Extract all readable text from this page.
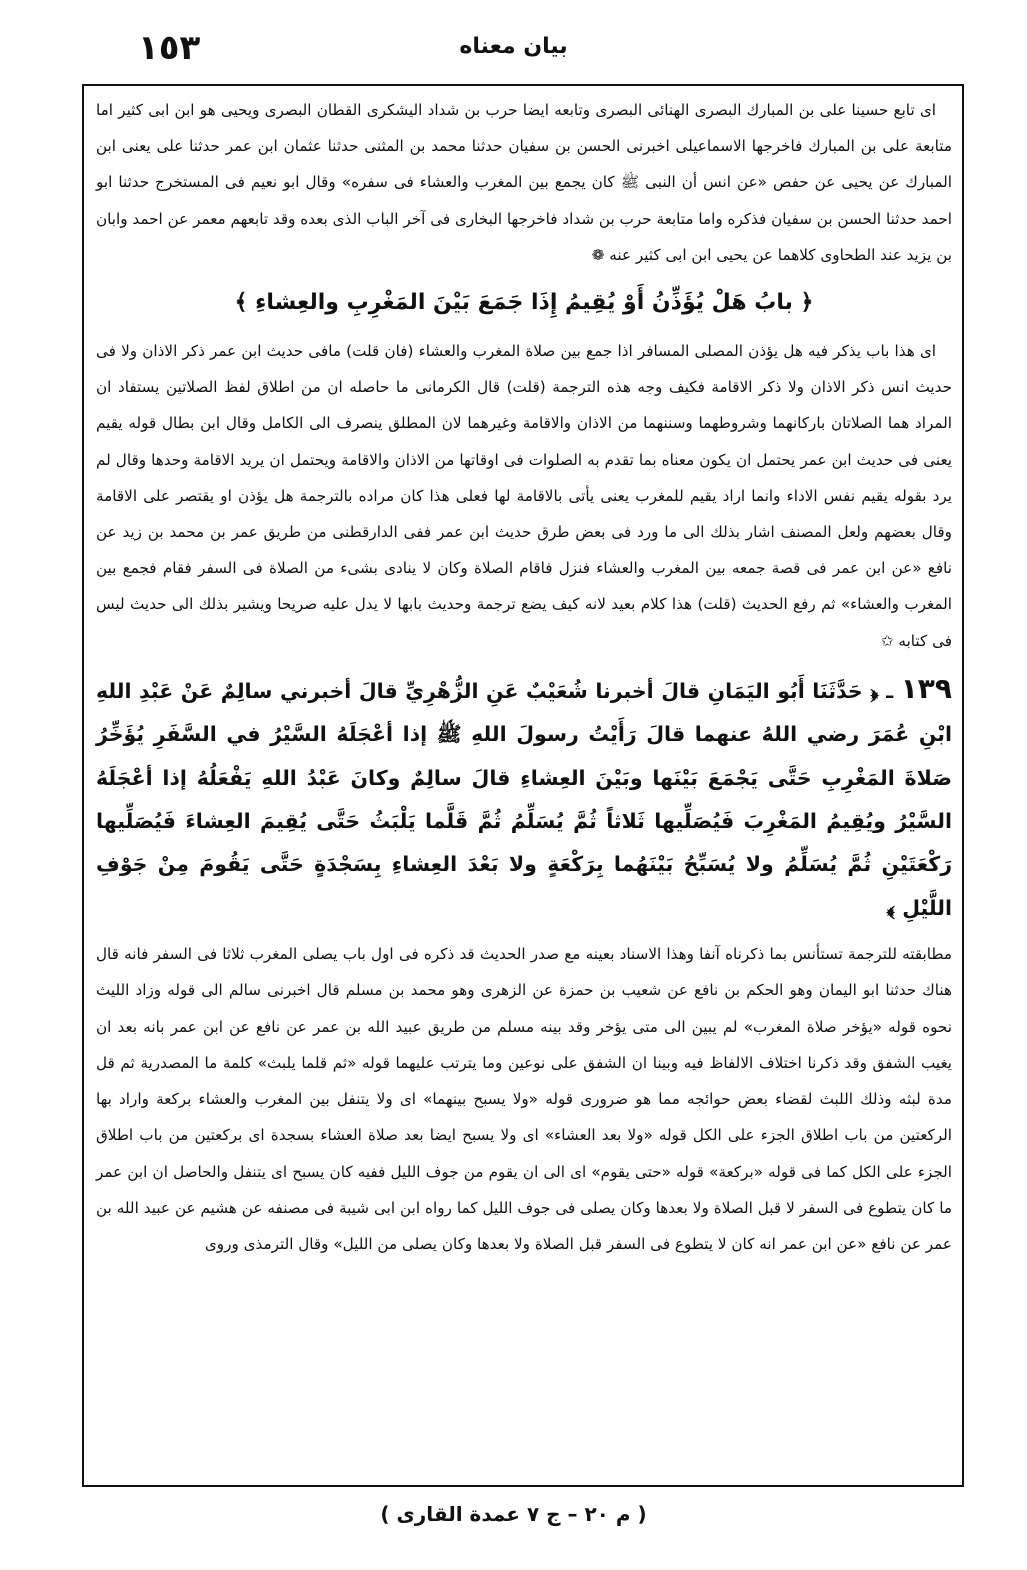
١٥٣	بيان معناه

اى تابع حسينا على بن المبارك البصرى الهنائى البصرى وتابعه ايضا حرب بن شداد اليشكرى القطان البصرى ويحيى هو ابن ابى كثير اما متابعة على بن المبارك فاخرجها الاسماعيلى اخبرنى الحسن بن سفيان حدثنا محمد بن المثنى حدثنا عثمان ابن عمر حدثنا على يعنى ابن المبارك عن يحيى عن حفص «عن انس أن النبى ﷺ كان يجمع بين المغرب والعشاء فى سفره» وقال ابو نعيم فى المستخرج حدثنا ابو احمد حدثنا الحسن بن سفيان فذكره واما متابعة حرب بن شداد فاخرجها البخارى فى آخر الباب الذى بعده وقد تابعهم معمر عن احمد وابان بن يزيد عند الطحاوى كلاهما عن يحيى ابن ابى كثير عنه ❁

﴿ بابُ هَلْ يُؤَذِّنُ أَوْ يُقِيمُ إِذَا جَمَعَ بَيْنَ المَغْرِبِ والعِشاءِ ﴾

اى هذا باب يذكر فيه هل يؤذن المصلى المسافر اذا جمع بين صلاة المغرب والعشاء (فان قلت) مافى حديث ابن عمر ذكر الاذان ولا فى حديث انس ذكر الاذان ولا ذكر الاقامة فكيف وجه هذه الترجمة (قلت) قال الكرمانى ما حاصله ان من اطلاق لفظ الصلاتين يستفاد ان المراد هما الصلاتان باركانهما وشروطهما وسننهما من الاذان والاقامة وغيرهما لان المطلق ينصرف الى الكامل وقال ابن بطال قوله يقيم يعنى فى حديث ابن عمر يحتمل ان يكون معناه بما تقدم به الصلوات فى اوقاتها من الاذان والاقامة ويحتمل ان يريد الاقامة وحدها وقال لم يرد بقوله يقيم نفس الاداء وانما اراد يقيم للمغرب يعنى يأتى بالاقامة لها فعلى هذا كان مراده بالترجمة هل يؤذن او يقتصر على الاقامة وقال بعضهم ولعل المصنف اشار بذلك الى ما ورد فى بعض طرق حديث ابن عمر ففى الدارقطنى من طريق عمر بن محمد بن زيد عن نافع «عن ابن عمر فى قصة جمعه بين المغرب والعشاء فنزل فاقام الصلاة وكان لا ينادى بشىء من الصلاة فى السفر فقام فجمع بين المغرب والعشاء» ثم رفع الحديث (قلت) هذا كلام بعيد لانه كيف يضع ترجمة وحديث بابها لا يدل عليه صريحا ويشير بذلك الى حديث ليس فى كتابه ✩

١٣٩ ـ ﴿ حَدَّثَنَا أَبُو اليَمَانِ قالَ أخبرنا شُعَيْبٌ عَنِ الزُّهْرِيِّ قالَ أخبرني سالِمٌ عَنْ عَبْدِ اللهِ ابْنِ عُمَرَ رضي اللهُ عنهما قالَ رَأَيْتُ رسولَ اللهِ ﷺ إذا أعْجَلَهُ السَّيْرُ في السَّفَرِ يُؤَخِّرُ صَلاةَ المَغْرِبِ حَتَّى يَجْمَعَ بَيْنَها وبَيْنَ العِشاءِ قالَ سالِمٌ وكانَ عَبْدُ اللهِ يَفْعَلُهُ إذا أعْجَلَهُ السَّيْرُ ويُقِيمُ المَغْرِبَ فَيُصَلِّيها ثَلاثاً ثُمَّ يُسَلِّمُ ثُمَّ قَلَّما يَلْبَثُ حَتَّى يُقِيمَ العِشاءَ فَيُصَلِّيها رَكْعَتَيْنِ ثُمَّ يُسَلِّمُ ولا يُسَبِّحُ بَيْنَهُما بِرَكْعَةٍ ولا بَعْدَ العِشاءِ بِسَجْدَةٍ حَتَّى يَقُومَ مِنْ جَوْفِ اللَّيْلِ ﴾

مطابقته للترجمة تستأنس بما ذكرناه آنفا وهذا الاسناد بعينه مع صدر الحديث قد ذكره فى اول باب يصلى المغرب ثلاثا فى السفر فانه قال هناك حدثنا ابو اليمان وهو الحكم بن نافع عن شعيب بن حمزة عن الزهرى وهو محمد بن مسلم قال اخبرنى سالم الى قوله وزاد الليث نحوه قوله «يؤخر صلاة المغرب» لم يبين الى متى يؤخر وقد بينه مسلم من طريق عبيد الله بن عمر عن نافع عن ابن عمر بانه بعد ان يغيب الشفق وقد ذكرنا اختلاف الالفاظ فيه وبينا ان الشفق على نوعين وما يترتب عليهما قوله «ثم قلما يلبث» كلمة ما المصدرية ثم قل مدة لبثه وذلك اللبث لقضاء بعض حوائجه مما هو ضرورى قوله «ولا يسبح بينهما» اى ولا يتنفل بين المغرب والعشاء بركعة واراد بها الركعتين من باب اطلاق الجزء على الكل قوله «ولا بعد العشاء» اى ولا يسبح ايضا بعد صلاة العشاء بسجدة اى بركعتين من باب اطلاق الجزء على الكل كما فى قوله «بركعة» قوله «حتى يقوم» اى الى ان يقوم من جوف الليل ففيه كان يسبح اى يتنفل والحاصل ان ابن عمر ما كان يتطوع فى السفر لا قبل الصلاة ولا بعدها وكان يصلى فى جوف الليل كما رواه ابن ابى شيبة فى مصنفه عن هشيم عن عبيد الله بن عمر عن نافع «عن ابن عمر انه كان لا يتطوع فى السفر قبل الصلاة ولا بعدها وكان يصلى من الليل» وقال الترمذى وروى

( م ٢٠ – ج ٧ عمدة القارى )
